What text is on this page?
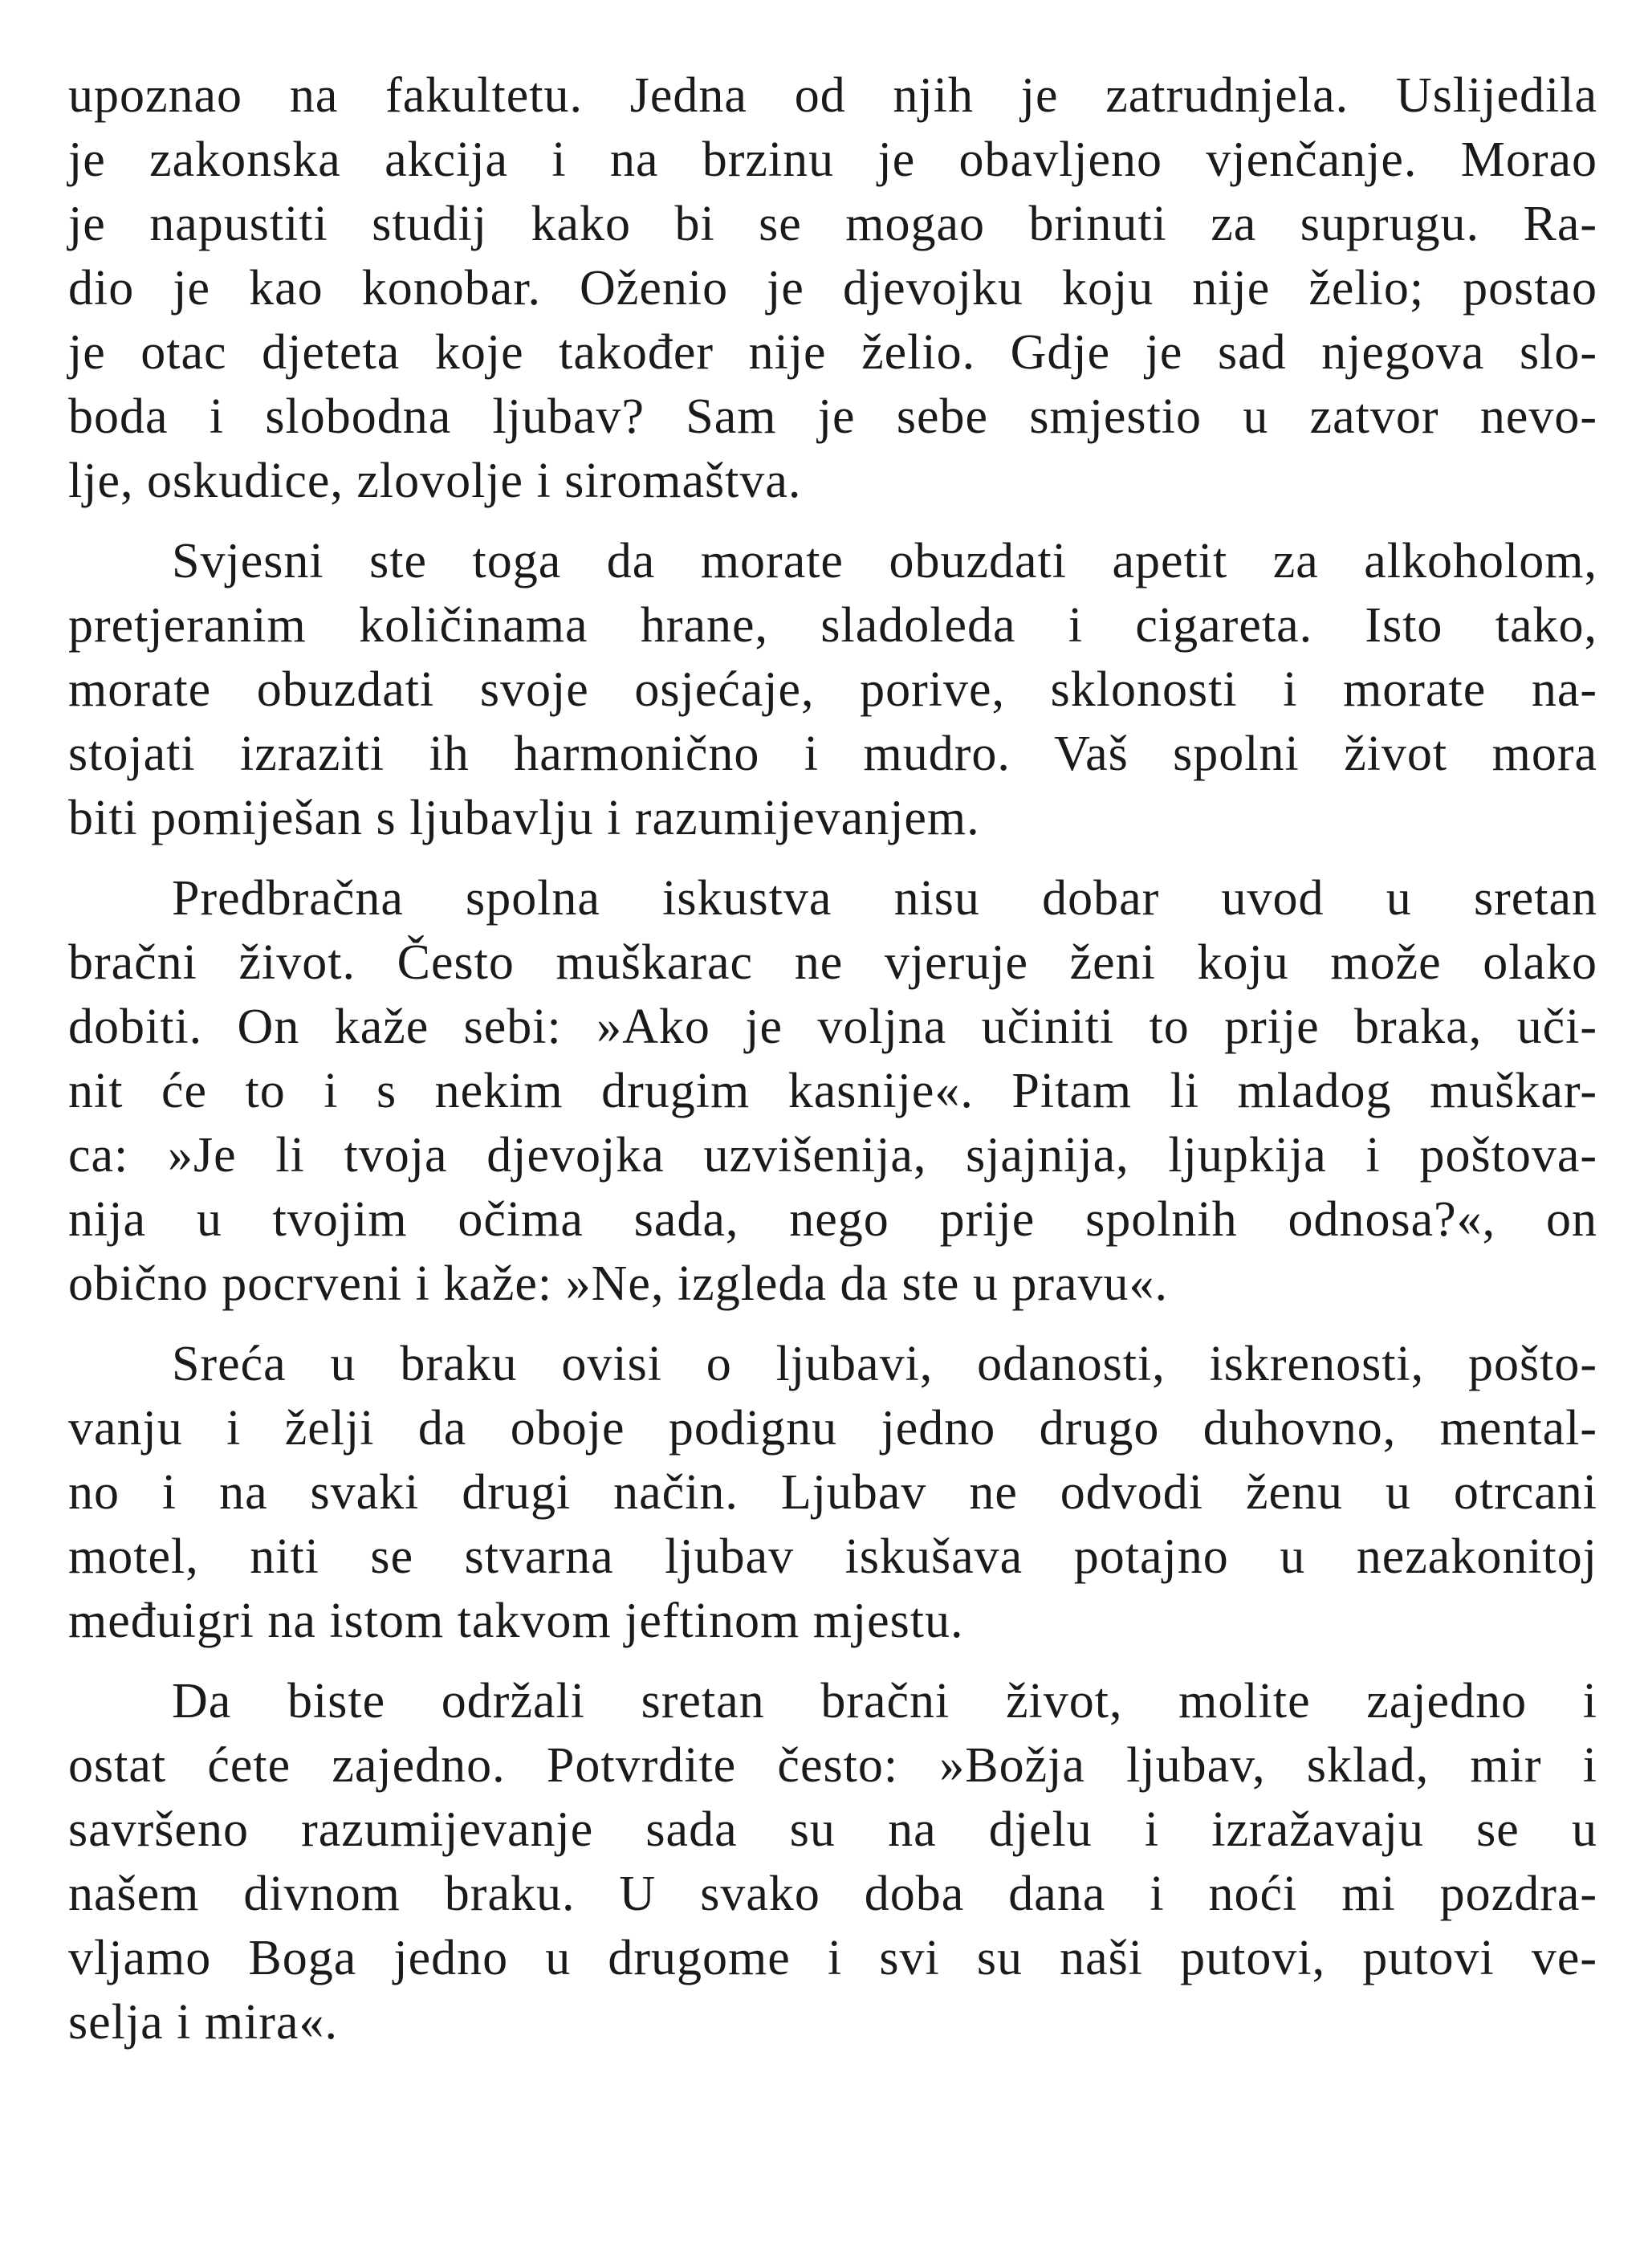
upoznao na fakultetu. Jedna od njih je zatrudnjela. Uslijedila
je zakonska akcija i na brzinu je obavljeno vjenčanje. Morao
je napustiti studij kako bi se mogao brinuti za suprugu. Ra-
dio je kao konobar. Oženio je djevojku koju nije želio; postao
je otac djeteta koje također nije želio. Gdje je sad njegova slo-
boda i slobodna ljubav? Sam je sebe smjestio u zatvor nevo-
lje, oskudice, zlovolje i siromaštva.
Svjesni ste toga da morate obuzdati apetit za alkoholom,
pretjeranim količinama hrane, sladoleda i cigareta. Isto tako,
morate obuzdati svoje osjećaje, porive, sklonosti i morate na-
stojati izraziti ih harmonično i mudro. Vaš spolni život mora
biti pomiješan s ljubavlju i razumijevanjem.
Predbračna spolna iskustva nisu dobar uvod u sretan
bračni život. Često muškarac ne vjeruje ženi koju može olako
dobiti. On kaže sebi: »Ako je voljna učiniti to prije braka, uči-
nit će to i s nekim drugim kasnije«. Pitam li mladog muškar-
ca: »Je li tvoja djevojka uzvišenija, sjajnija, ljupkija i poštova-
nija u tvojim očima sada, nego prije spolnih odnosa?«, on
obično pocrveni i kaže: »Ne, izgleda da ste u pravu«.
Sreća u braku ovisi o ljubavi, odanosti, iskrenosti, pošto-
vanju i želji da oboje podignu jedno drugo duhovno, mental-
no i na svaki drugi način. Ljubav ne odvodi ženu u otrcani
motel, niti se stvarna ljubav iskušava potajno u nezakonitoj
međuigri na istom takvom jeftinom mjestu.
Da biste održali sretan bračni život, molite zajedno i
ostat ćete zajedno. Potvrdite često: »Božja ljubav, sklad, mir i
savršeno razumijevanje sada su na djelu i izražavaju se u
našem divnom braku. U svako doba dana i noći mi pozdra-
vljamo Boga jedno u drugome i svi su naši putovi, putovi ve-
selja i mira«.
